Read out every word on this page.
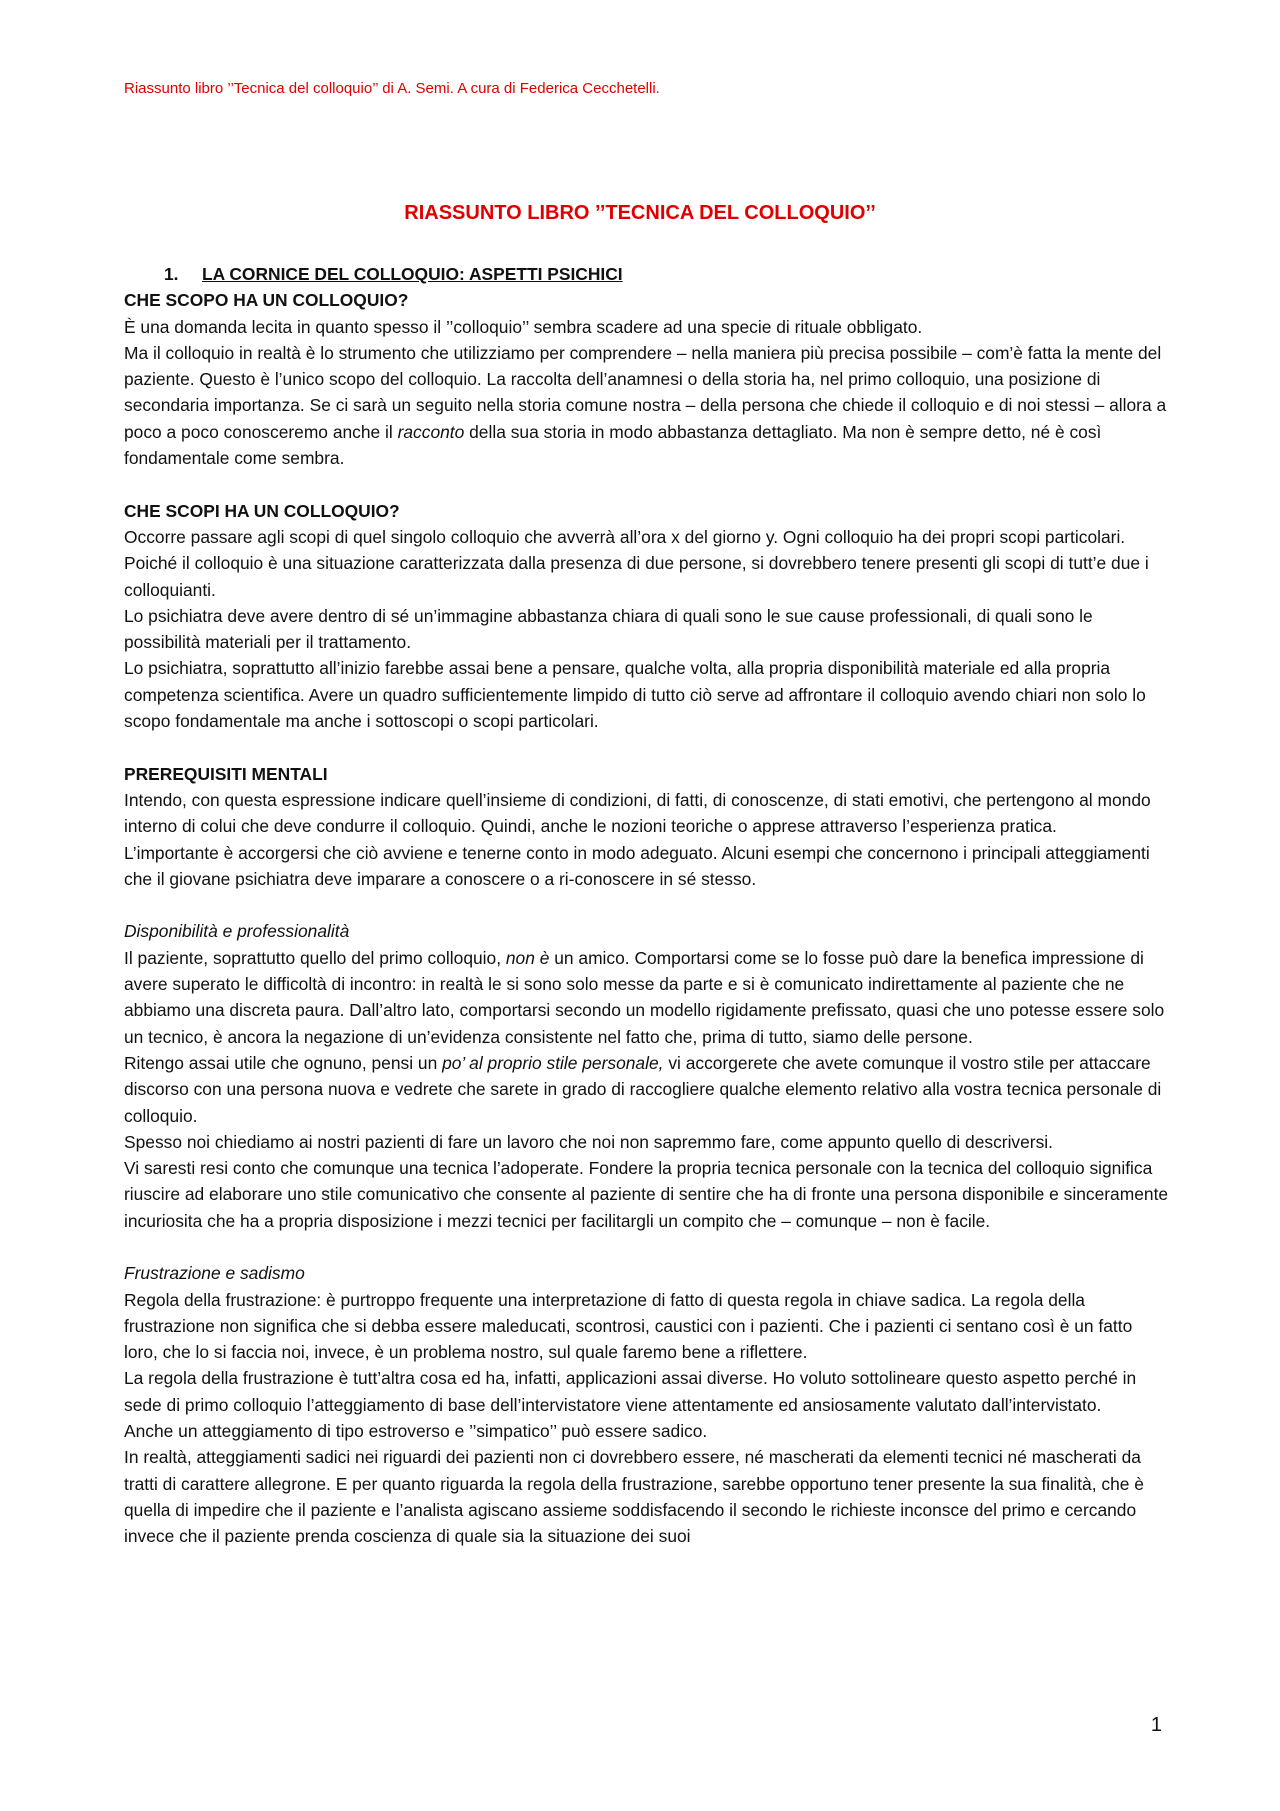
Riassunto libro ’’Tecnica del colloquio’’ di A. Semi. A cura di Federica Cecchetelli.
RIASSUNTO LIBRO ’’TECNICA DEL COLLOQUIO’’

1. LA CORNICE DEL COLLOQUIO: ASPETTI PSICHICI

CHE SCOPO HA UN COLLOQUIO?

È una domanda lecita in quanto spesso il ’’colloquio’’ sembra scadere ad una specie di rituale obbligato.

Ma il colloquio in realtà è lo strumento che utilizziamo per comprendere – nella maniera più precisa possibile – com’è fatta la mente del paziente. Questo è l’unico scopo del colloquio. La raccolta dell’anamnesi o della storia ha, nel primo colloquio, una posizione di secondaria importanza. Se ci sarà un seguito nella storia comune nostra – della persona che chiede il colloquio e di noi stessi – allora a poco a poco conosceremo anche il racconto della sua storia in modo abbastanza dettagliato. Ma non è sempre detto, né è così fondamentale come sembra.

CHE SCOPI HA UN COLLOQUIO?

Occorre passare agli scopi di quel singolo colloquio che avverrà all’ora x del giorno y. Ogni colloquio ha dei propri scopi particolari. Poiché il colloquio è una situazione caratterizzata dalla presenza di due persone, si dovrebbero tenere presenti gli scopi di tutt’e due i colloquianti.

Lo psichiatra deve avere dentro di sé un’immagine abbastanza chiara di quali sono le sue cause professionali, di quali sono le possibilità materiali per il trattamento.

Lo psichiatra, soprattutto all’inizio farebbe assai bene a pensare, qualche volta, alla propria disponibilità materiale ed alla propria competenza scientifica. Avere un quadro sufficientemente limpido di tutto ciò serve ad affrontare il colloquio avendo chiari non solo lo scopo fondamentale ma anche i sottoscopi o scopi particolari.

PREREQUISITI MENTALI

Intendo, con questa espressione indicare quell’insieme di condizioni, di fatti, di conoscenze, di stati emotivi, che pertengono al mondo interno di colui che deve condurre il colloquio. Quindi, anche le nozioni teoriche o apprese attraverso l’esperienza pratica.

L’importante è accorgersi che ciò avviene e tenerne conto in modo adeguato. Alcuni esempi che concernono i principali atteggiamenti che il giovane psichiatra deve imparare a conoscere o a ri-conoscere in sé stesso.

Disponibilità e professionalità

Il paziente, soprattutto quello del primo colloquio, non è un amico. Comportarsi come se lo fosse può dare la benefica impressione di avere superato le difficoltà di incontro: in realtà le si sono solo messe da parte e si è comunicato indirettamente al paziente che ne abbiamo una discreta paura. Dall’altro lato, comportarsi secondo un modello rigidamente prefissato, quasi che uno potesse essere solo un tecnico, è ancora la negazione di un’evidenza consistente nel fatto che, prima di tutto, siamo delle persone.

Ritengo assai utile che ognuno, pensi un po’ al proprio stile personale, vi accorgerete che avete comunque il vostro stile per attaccare discorso con una persona nuova e vedrete che sarete in grado di raccogliere qualche elemento relativo alla vostra tecnica personale di colloquio.

Spesso noi chiediamo ai nostri pazienti di fare un lavoro che noi non sapremmo fare, come appunto quello di descriversi.

Vi saresti resi conto che comunque una tecnica l’adoperate. Fondere la propria tecnica personale con la tecnica del colloquio significa riuscire ad elaborare uno stile comunicativo che consente al paziente di sentire che ha di fronte una persona disponibile e sinceramente incuriosita che ha a propria disposizione i mezzi tecnici per facilitargli un compito che – comunque – non è facile.

Frustrazione e sadismo

Regola della frustrazione: è purtroppo frequente una interpretazione di fatto di questa regola in chiave sadica. La regola della frustrazione non significa che si debba essere maleducati, scontrosi, caustici con i pazienti. Che i pazienti ci sentano così è un fatto loro, che lo si faccia noi, invece, è un problema nostro, sul quale faremo bene a riflettere.

La regola della frustrazione è tutt’altra cosa ed ha, infatti, applicazioni assai diverse. Ho voluto sottolineare questo aspetto perché in sede di primo colloquio l’atteggiamento di base dell’intervistatore viene attentamente ed ansiosamente valutato dall’intervistato.

Anche un atteggiamento di tipo estroverso e ’’simpatico’’ può essere sadico.

In realtà, atteggiamenti sadici nei riguardi dei pazienti non ci dovrebbero essere, né mascherati da elementi tecnici né mascherati da tratti di carattere allegrone. E per quanto riguarda la regola della frustrazione, sarebbe opportuno tener presente la sua finalità, che è quella di impedire che il paziente e l’analista agiscano assieme soddisfacendo il secondo le richieste inconsce del primo e cercando invece che il paziente prenda coscienza di quale sia la situazione dei suoi

1
